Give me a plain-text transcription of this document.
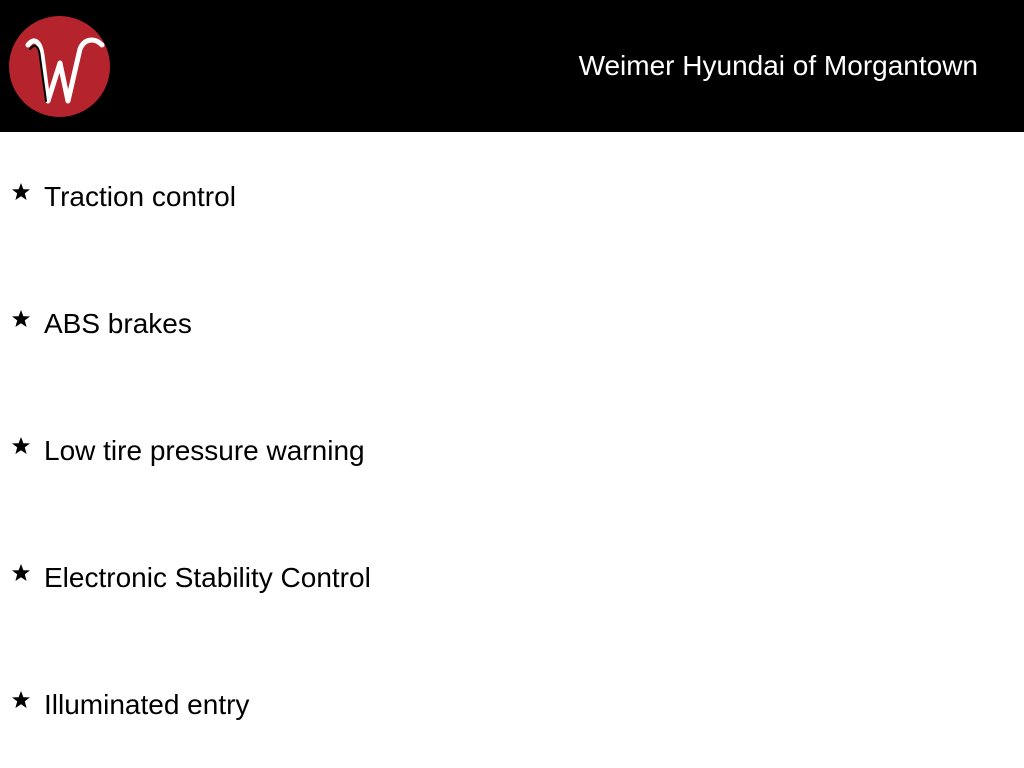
Weimer Hyundai of Morgantown
Traction control
ABS brakes
Low tire pressure warning
Electronic Stability Control
Illuminated entry
